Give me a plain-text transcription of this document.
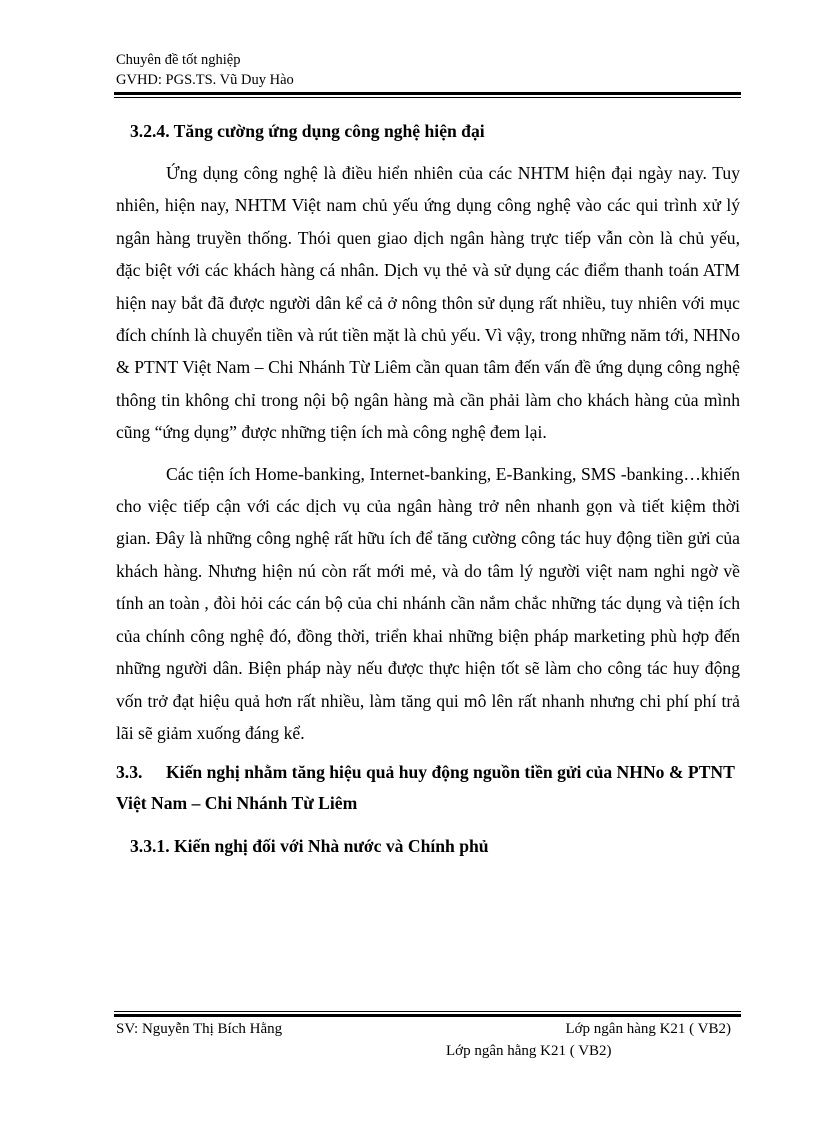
Chuyên đề tốt nghiệp
GVHD: PGS.TS. Vũ Duy Hào

3.2.4. Tăng cường ứng dụng công nghệ hiện đại

Ứng dụng công nghệ là điều hiển nhiên của các NHTM hiện đại ngày nay. Tuy nhiên, hiện nay, NHTM Việt nam chủ yếu ứng dụng công nghệ vào các qui trình xử lý ngân hàng truyền thống. Thói quen giao dịch ngân hàng trực tiếp vẫn còn là chủ yếu, đặc biệt với các khách hàng cá nhân. Dịch vụ thẻ và sử dụng các điểm thanh toán ATM hiện nay bắt đã được người dân kể cả ở nông thôn sử dụng rất nhiều, tuy nhiên với mục đích chính là chuyển tiền và rút tiền mặt là chủ yếu. Vì vậy, trong những năm tới, NHNo & PTNT Việt Nam – Chi Nhánh Từ Liêm cần quan tâm đến vấn đề ứng dụng công nghệ thông tin không chỉ trong nội bộ ngân hàng mà cần phải làm cho khách hàng của mình cũng “ứng dụng” được những tiện ích mà công nghệ đem lại.

Các tiện ích Home-banking, Internet-banking, E-Banking, SMS -banking…khiến cho việc tiếp cận với các dịch vụ của ngân hàng trở nên nhanh gọn và tiết kiệm thời gian. Đây là những công nghệ rất hữu ích để tăng cường công tác huy động tiền gửi của khách hàng. Nhưng hiện nú còn rất mới mẻ, và do tâm lý người việt nam nghi ngờ về tính an toàn , đòi hỏi các cán bộ của chi nhánh cần nắm chắc những tác dụng và tiện ích của chính công nghệ đó, đồng thời, triển khai những biện pháp marketing phù hợp đến những người dân. Biện pháp này nếu được thực hiện tốt sẽ làm cho công tác huy động vốn trở đạt hiệu quả hơn rất nhiều, làm tăng qui mô lên rất nhanh nhưng chi phí phí trả lãi sẽ giảm xuống đáng kể.

3.3. Kiến nghị nhằm tăng hiệu quả huy động nguồn tiền gửi của NHNo & PTNT Việt Nam – Chi Nhánh Từ Liêm

3.3.1. Kiến nghị đối với Nhà nước và Chính phủ

SV: Nguyễn Thị Bích Hằng	Lớp ngân hàng K21 ( VB2)
Lớp ngân hằng K21 ( VB2)
